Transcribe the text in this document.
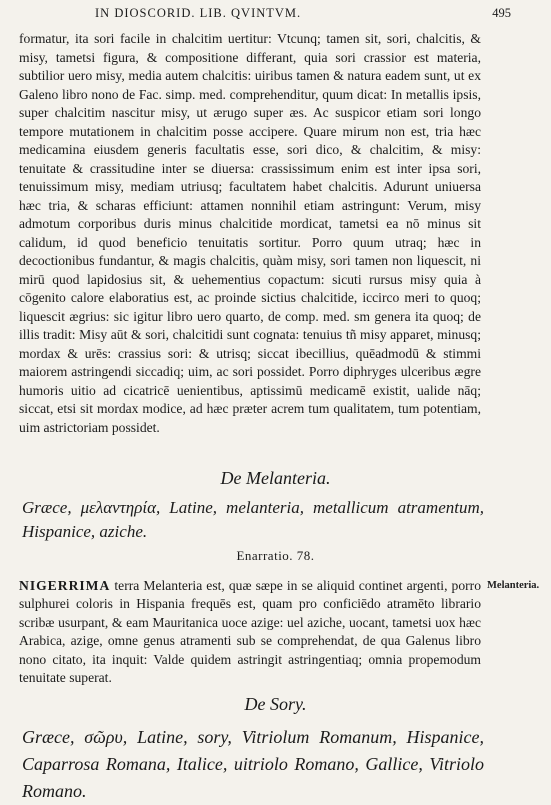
IN DIOSCORID. LIB. QVINTVM.	495

formatur, ita sori facile in chalcitim uertitur: Vtcunq; tamen sit, sori, chalcitis, & misy, tametsi figura, & compositione differant, quia sori crassior est materia, subtilior uero misy, media autem chalcitis: uiribus tamen & natura eadem sunt, ut ex Galeno libro nono de Fac. simp. med. comprehenditur, quum dicat: In metallis ipsis, super chalcitim nascitur misy, ut ærugo super æs. Ac suspicor etiam sori longo tempore mutationem in chalcitim posse accipere. Quare mirum non est, tria hæc medicamina eiusdem generis facultatis esse, sori dico, & chalcitim, & misy: tenuitate & crassitudine inter se diuersa: crassissimum enim est inter ipsa sori, tenuissimum misy, mediam utriusq; facultatem habet chalcitis. Adurunt uniuersa hæc tria, & scharas efficiunt: attamen nonnihil etiam astringunt: Verum, misy admotum corporibus duris minus chalcitide mordicat, tametsi ea nō minus sit calidum, id quod beneficio tenuitatis sortitur. Porro quum utraq; hæc in decoctionibus fundantur, & magis chalcitis, quàm misy, sori tamen non liquescit, ni mirū quod lapidosius sit, & uehementius copactum: sicuti rursus misy quia à cōgenito calore elaboratius est, ac proinde sictius chalcitide, iccirco meri to quoq; liquescit ægrius: sic igitur libro uero quarto, de comp. med. sm genera ita quoq; de illis tradit: Misy aūt & sori, chalcitidi sunt cognata: tenuius tñ misy apparet, minusq; mordax & urēs: crassius sori: & utrisq; siccat ibecillius, quēadmodū & stimmi maiorem astringendi siccadiq; uim, ac sori possidet. Porro diphryges ulceribus ægre humoris uitio ad cicatricē uenientibus, aptissimū medicamē existit, ualide nāq; siccat, etsi sit mordax modice, ad hæc præter acrem tum qualitatem, tum potentiam, uim astrictoriam possidet.

De Melanteria.
Græce, μελαντηρία, Latine, melanteria, metallicum atramentum, Hispanice, aziche.
Enarratio. 78.
NIGERRIMA terra Melanteria est, quæ sæpe in se aliquid continet argenti, porro sulphurei coloris in Hispania frequēs est, quam pro conficiēdo atramēto librario scribæ usurpant, & eam Mauritanica uoce azige: uel aziche, uocant, tametsi uox hæc Arabica, azige, omne genus atramenti sub se comprehendat, de qua Galenus libro nono citato, ita inquit: Valde quidem astringit astringentiaq; omnia propemodum tenuitate superat.
Melanteria.
De Sory.
Græce, σῶρυ, Latine, sory, Vitriolum Romanum, Hispanice, Caparrosa Romana, Italice, uitriolo Romano, Gallice, Vitriolo Romano.
